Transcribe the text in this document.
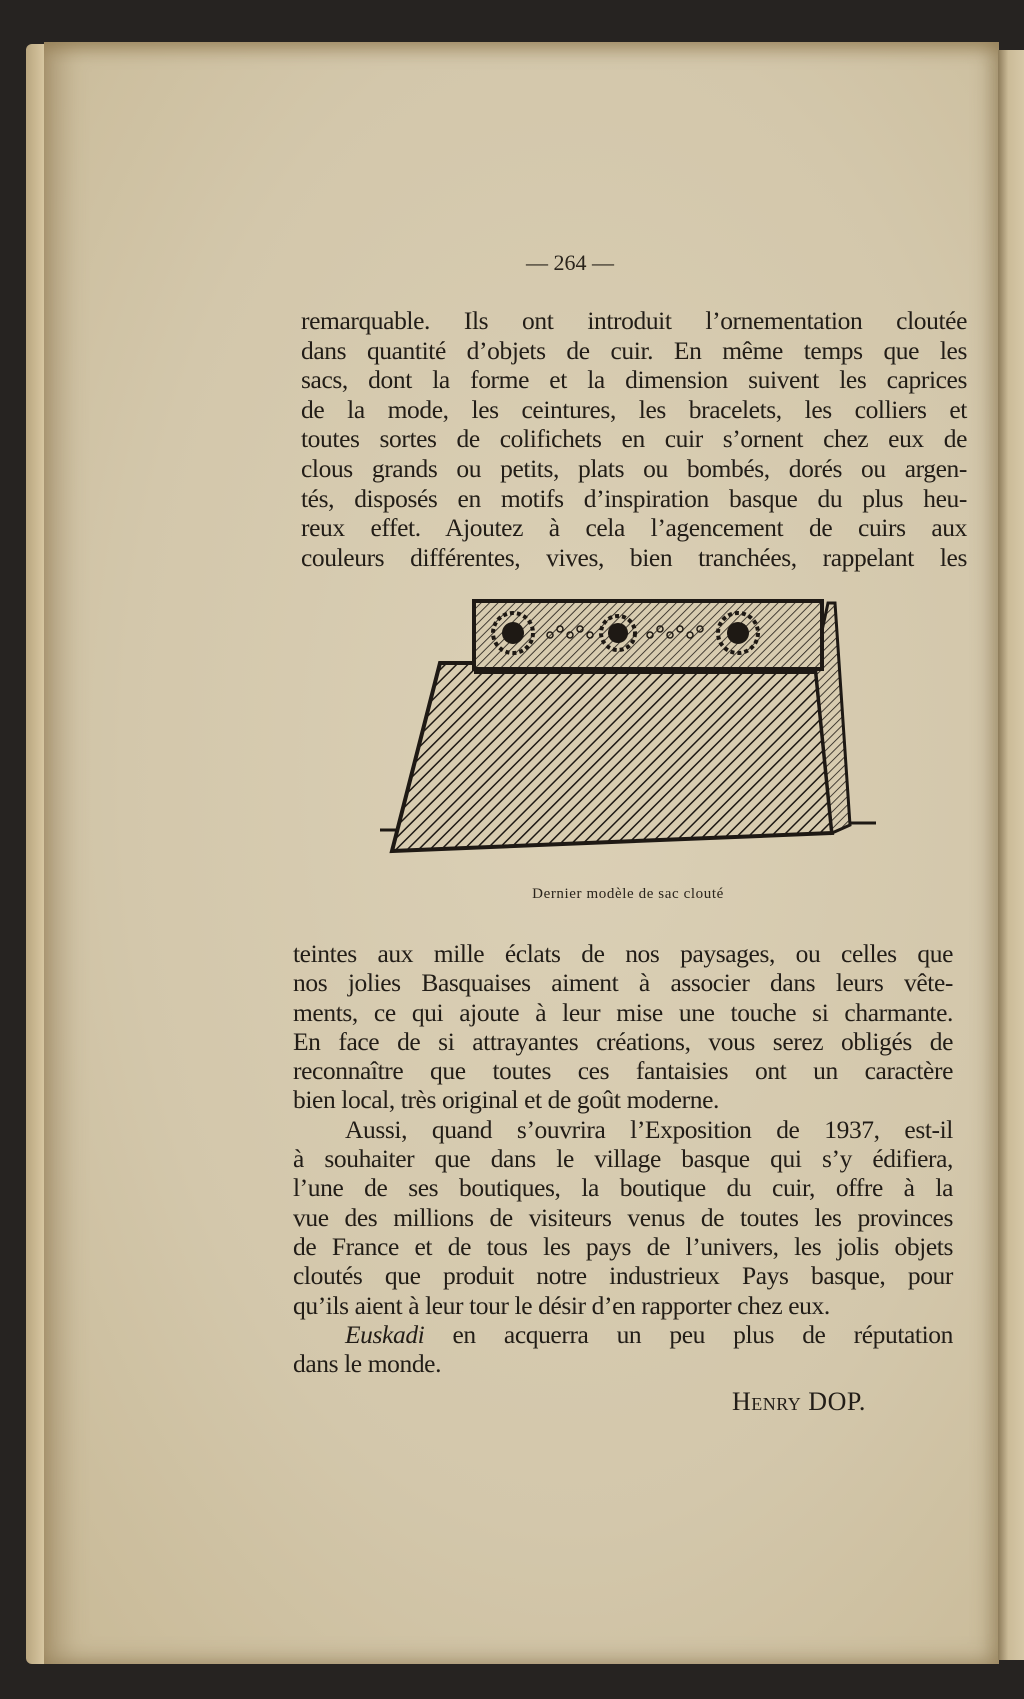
— 264 —
remarquable. Ils ont introduit l’ornementation cloutée
dans quantité d’objets de cuir. En même temps que les
sacs, dont la forme et la dimension suivent les caprices
de la mode, les ceintures, les bracelets, les colliers et
toutes sortes de colifichets en cuir s’ornent chez eux de
clous grands ou petits, plats ou bombés, dorés ou argen-
tés, disposés en motifs d’inspiration basque du plus heu-
reux effet. Ajoutez à cela l’agencement de cuirs aux
couleurs différentes, vives, bien tranchées, rappelant les
Dernier modèle de sac clouté
teintes aux mille éclats de nos paysages, ou celles que
nos jolies Basquaises aiment à associer dans leurs vête-
ments, ce qui ajoute à leur mise une touche si charmante.
En face de si attrayantes créations, vous serez obligés de
reconnaître que toutes ces fantaisies ont un caractère
bien local, très original et de goût moderne.
Aussi, quand s’ouvrira l’Exposition de 1937, est-il
à souhaiter que dans le village basque qui s’y édifiera,
l’une de ses boutiques, la boutique du cuir, offre à la
vue des millions de visiteurs venus de toutes les provinces
de France et de tous les pays de l’univers, les jolis objets
cloutés que produit notre industrieux Pays basque, pour
qu’ils aient à leur tour le désir d’en rapporter chez eux.
Euskadi en acquerra un peu plus de réputation
dans le monde.
Henry DOP.
